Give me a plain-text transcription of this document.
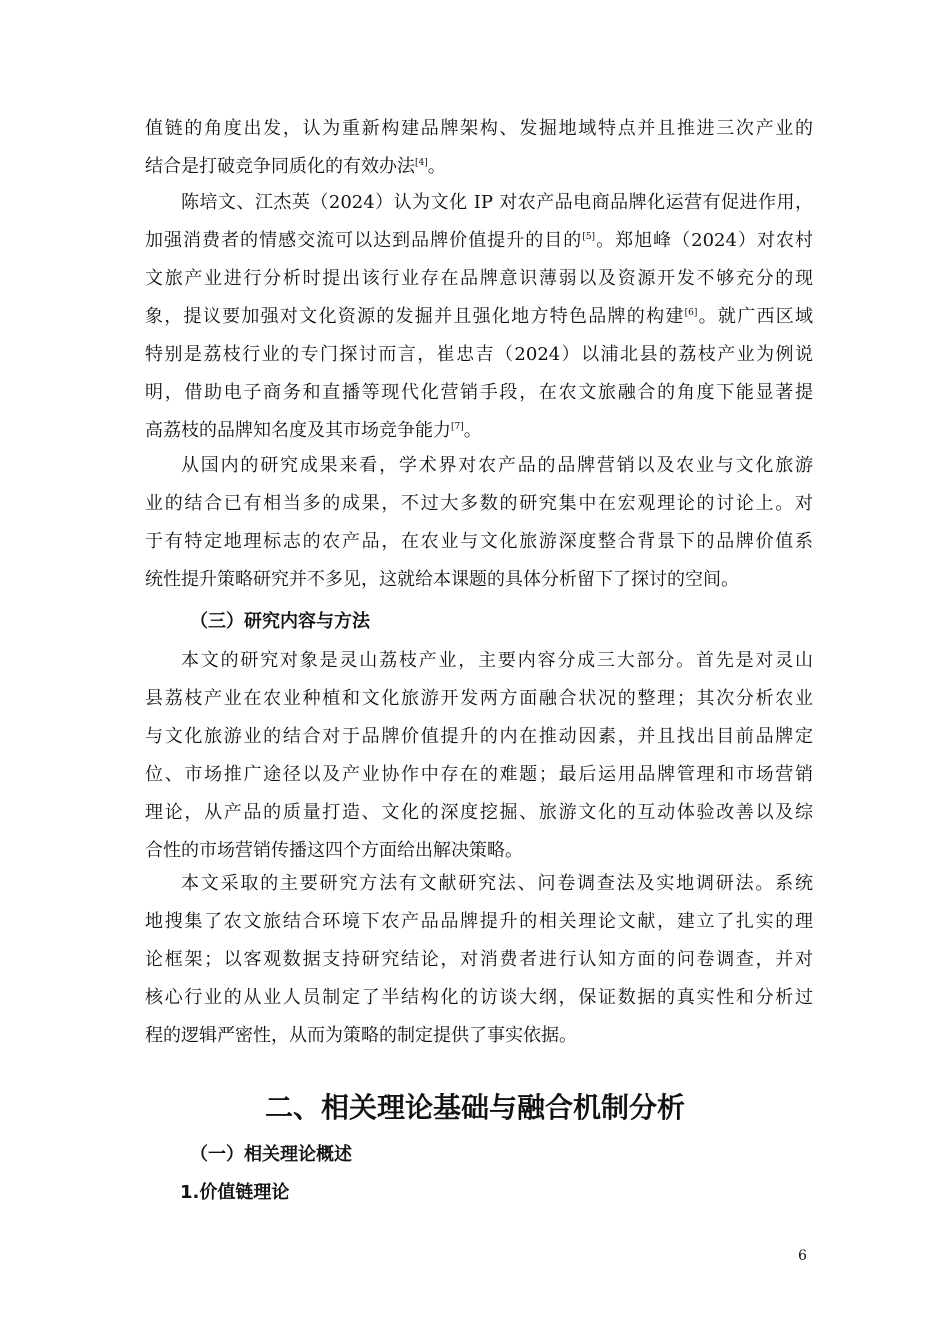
值链的角度出发，认为重新构建品牌架构、发掘地域特点并且推进三次产业的
结合是打破竞争同质化的有效办法[4]。
陈培文、江杰英（2024）认为文化 IP 对农产品电商品牌化运营有促进作用，
加强消费者的情感交流可以达到品牌价值提升的目的[5]。郑旭峰（2024）对农村
文旅产业进行分析时提出该行业存在品牌意识薄弱以及资源开发不够充分的现
象，提议要加强对文化资源的发掘并且强化地方特色品牌的构建[6]。就广西区域
特别是荔枝行业的专门探讨而言，崔忠吉（2024）以浦北县的荔枝产业为例说
明，借助电子商务和直播等现代化营销手段，在农文旅融合的角度下能显著提
高荔枝的品牌知名度及其市场竞争能力[7]。
从国内的研究成果来看，学术界对农产品的品牌营销以及农业与文化旅游
业的结合已有相当多的成果，不过大多数的研究集中在宏观理论的讨论上。对
于有特定地理标志的农产品，在农业与文化旅游深度整合背景下的品牌价值系
统性提升策略研究并不多见，这就给本课题的具体分析留下了探讨的空间。
（三）研究内容与方法
本文的研究对象是灵山荔枝产业，主要内容分成三大部分。首先是对灵山
县荔枝产业在农业种植和文化旅游开发两方面融合状况的整理；其次分析农业
与文化旅游业的结合对于品牌价值提升的内在推动因素，并且找出目前品牌定
位、市场推广途径以及产业协作中存在的难题；最后运用品牌管理和市场营销
理论，从产品的质量打造、文化的深度挖掘、旅游文化的互动体验改善以及综
合性的市场营销传播这四个方面给出解决策略。
本文采取的主要研究方法有文献研究法、问卷调查法及实地调研法。系统
地搜集了农文旅结合环境下农产品品牌提升的相关理论文献，建立了扎实的理
论框架；以客观数据支持研究结论，对消费者进行认知方面的问卷调查，并对
核心行业的从业人员制定了半结构化的访谈大纲，保证数据的真实性和分析过
程的逻辑严密性，从而为策略的制定提供了事实依据。
二、相关理论基础与融合机制分析
（一）相关理论概述
1.价值链理论
6
